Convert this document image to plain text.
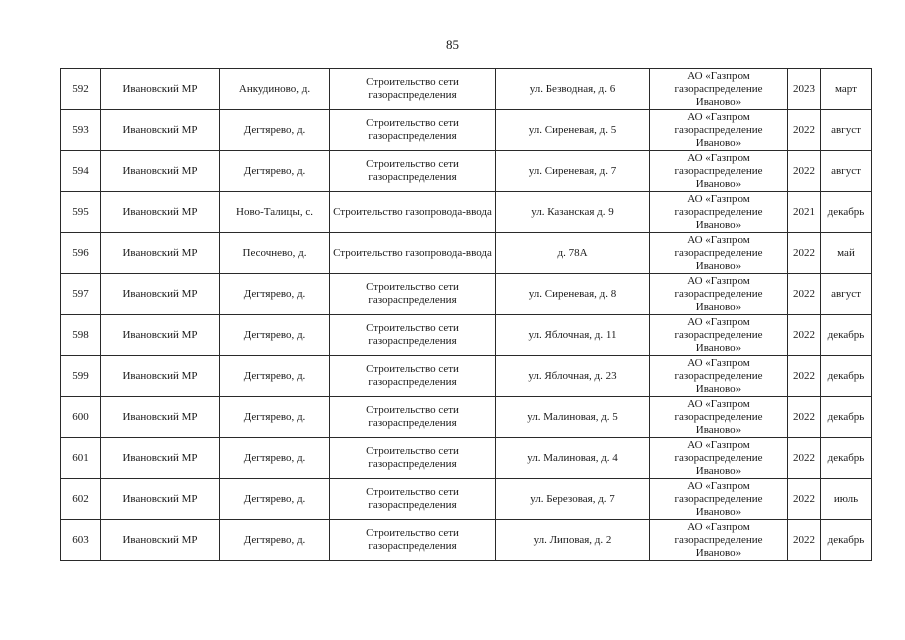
85
592	Ивановский МР	Анкудиново, д.	Строительство сети газораспределения	ул. Безводная, д. 6	АО «Газпром
газораспределение
Иваново»	2023	март
593	Ивановский МР	Дегтярево, д.	Строительство сети газораспределения	ул. Сиреневая, д. 5	АО «Газпром
газораспределение
Иваново»	2022	август
594	Ивановский МР	Дегтярево, д.	Строительство сети газораспределения	ул. Сиреневая, д. 7	АО «Газпром
газораспределение
Иваново»	2022	август
595	Ивановский МР	Ново-Талицы, с.	Строительство газопровода-ввода	ул. Казанская д. 9	АО «Газпром
газораспределение
Иваново»	2021	декабрь
596	Ивановский МР	Песочнево, д.	Строительство газопровода-ввода	д. 78А	АО «Газпром
газораспределение
Иваново»	2022	май
597	Ивановский МР	Дегтярево, д.	Строительство сети газораспределения	ул. Сиреневая, д. 8	АО «Газпром
газораспределение
Иваново»	2022	август
598	Ивановский МР	Дегтярево, д.	Строительство сети газораспределения	ул. Яблочная, д. 11	АО «Газпром
газораспределение
Иваново»	2022	декабрь
599	Ивановский МР	Дегтярево, д.	Строительство сети газораспределения	ул. Яблочная, д. 23	АО «Газпром
газораспределение
Иваново»	2022	декабрь
600	Ивановский МР	Дегтярево, д.	Строительство сети газораспределения	ул. Малиновая, д. 5	АО «Газпром
газораспределение
Иваново»	2022	декабрь
601	Ивановский МР	Дегтярево, д.	Строительство сети газораспределения	ул. Малиновая, д. 4	АО «Газпром
газораспределение
Иваново»	2022	декабрь
602	Ивановский МР	Дегтярево, д.	Строительство сети газораспределения	ул. Березовая, д. 7	АО «Газпром
газораспределение
Иваново»	2022	июль
603	Ивановский МР	Дегтярево, д.	Строительство сети газораспределения	ул. Липовая, д. 2	АО «Газпром
газораспределение
Иваново»	2022	декабрь
